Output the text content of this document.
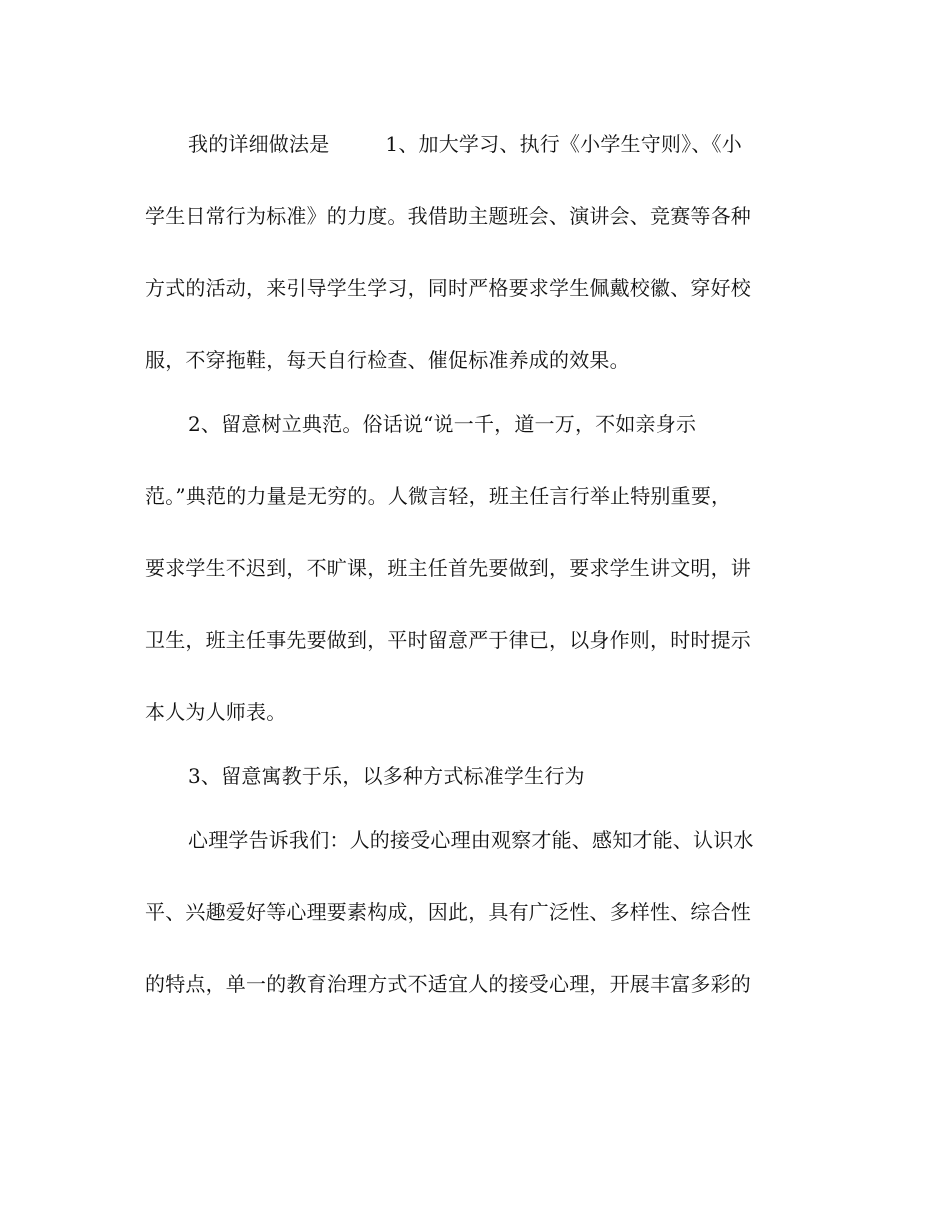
我的详细做法是	1、加大学习、执行《小学生守则》、《小
学生日常行为标准》的力度。我借助主题班会、演讲会、竞赛等各种
方式的活动，来引导学生学习，同时严格要求学生佩戴校徽、穿好校
服，不穿拖鞋，每天自行检查、催促标准养成的效果。
2、留意树立典范。俗话说“说一千，道一万，不如亲身示
范。”典范的力量是无穷的。人微言轻，班主任言行举止特别重要，
要求学生不迟到，不旷课，班主任首先要做到，要求学生讲文明，讲
卫生，班主任事先要做到，平时留意严于律已，以身作则，时时提示
本人为人师表。
3、留意寓教于乐，以多种方式标准学生行为
心理学告诉我们：人的接受心理由观察才能、感知才能、认识水
平、兴趣爱好等心理要素构成，因此，具有广泛性、多样性、综合性
的特点，单一的教育治理方式不适宜人的接受心理，开展丰富多彩的
